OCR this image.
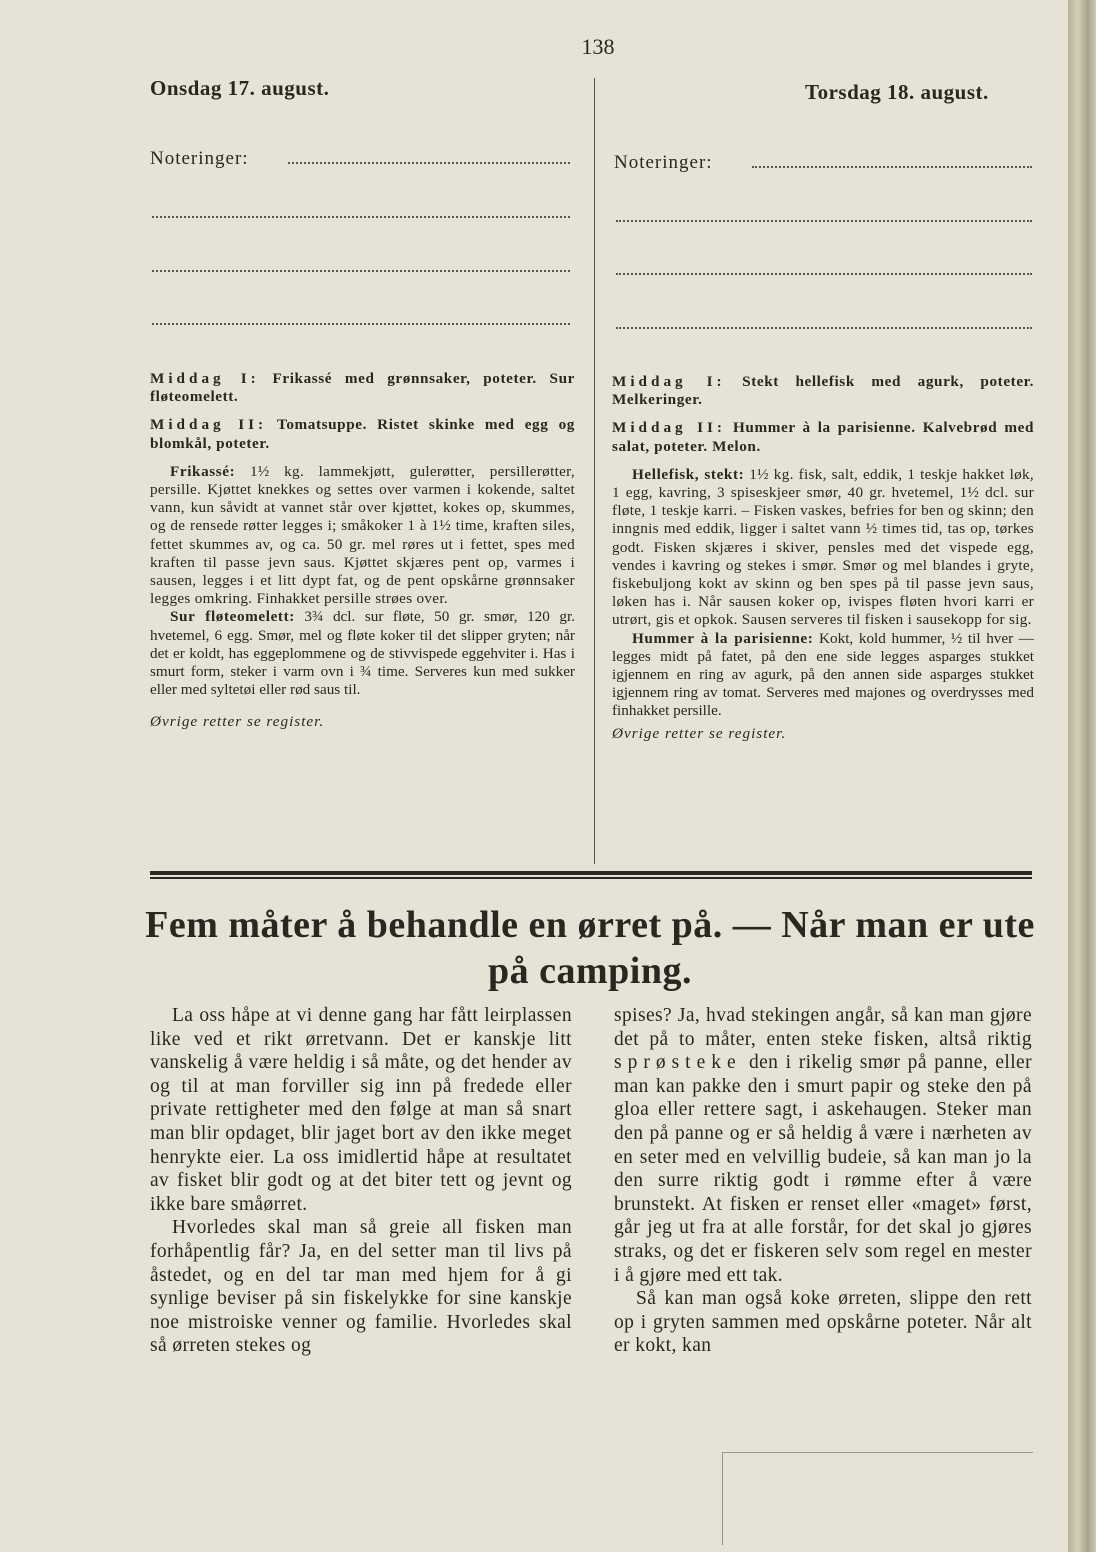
138
Onsdag 17. august.	Torsdag 18. august.
Noteringer:	Noteringer:

Middag I: Frikassé med grønnsaker, poteter. Sur fløteomelett.

Middag II: Tomatsuppe. Ristet skinke med egg og blomkål, poteter.

Frikassé: 1½ kg. lammekjøtt, gulerøtter, persillerøtter, persille. Kjøttet knekkes og settes over varmen i kokende, saltet vann, kun såvidt at vannet står over kjøttet, kokes op, skummes, og de rensede røtter legges i; småkoker 1 à 1½ time, kraften siles, fettet skummes av, og ca. 50 gr. mel røres ut i fettet, spes med kraften til passe jevn saus. Kjøttet skjæres pent op, varmes i sausen, legges i et litt dypt fat, og de pent opskårne grønnsaker legges omkring. Finhakket persille strøes over.

Sur fløteomelett: 3¾ dcl. sur fløte, 50 gr. smør, 120 gr. hvetemel, 6 egg. Smør, mel og fløte koker til det slipper gryten; når det er koldt, has eggeplommene og de stivvispede eggehviter i. Has i smurt form, steker i varm ovn i ¾ time. Serveres kun med sukker eller med syltetøi eller rød saus til.

Øvrige retter se register.

Middag I: Stekt hellefisk med agurk, poteter. Melkeringer.

Middag II: Hummer à la parisienne. Kalvebrød med salat, poteter. Melon.

Hellefisk, stekt: 1½ kg. fisk, salt, eddik, 1 teskje hakket løk, 1 egg, kavring, 3 spiseskjeer smør, 40 gr. hvetemel, 1½ dcl. sur fløte, 1 teskje karri. – Fisken vaskes, befries for ben og skinn; den inngnis med eddik, ligger i saltet vann ½ times tid, tas op, tørkes godt. Fisken skjæres i skiver, pensles med det vispede egg, vendes i kavring og stekes i smør. Smør og mel blandes i gryte, fiskebuljong kokt av skinn og ben spes på til passe jevn saus, løken has i. Når sausen koker op, ivispes fløten hvori karri er utrørt, gis et opkok. Sausen serveres til fisken i sausekopp for sig.

Hummer à la parisienne: Kokt, kold hummer, ½ til hver — legges midt på fatet, på den ene side legges asparges stukket igjennem en ring av agurk, på den annen side asparges stukket igjennem ring av tomat. Serveres med majones og overdrysses med finhakket persille.

Øvrige retter se register.

Fem måter å behandle en ørret på. — Når man er ute på camping.

La oss håpe at vi denne gang har fått leirplassen like ved et rikt ørretvann. Det er kanskje litt vanskelig å være heldig i så måte, og det hender av og til at man forviller sig inn på fredede eller private rettigheter med den følge at man så snart man blir opdaget, blir jaget bort av den ikke meget henrykte eier. La oss imidlertid håpe at resultatet av fisket blir godt og at det biter tett og jevnt og ikke bare småørret.

Hvorledes skal man så greie all fisken man forhåpentlig får? Ja, en del setter man til livs på åstedet, og en del tar man med hjem for å gi synlige beviser på sin fiskelykke for sine kanskje noe mistroiske venner og familie. Hvorledes skal så ørreten stekes og

spises? Ja, hvad stekingen angår, så kan man gjøre det på to måter, enten steke fisken, altså riktig sprøsteke den i rikelig smør på panne, eller man kan pakke den i smurt papir og steke den på gloa eller rettere sagt, i askehaugen. Steker man den på panne og er så heldig å være i nærheten av en seter med en velvillig budeie, så kan man jo la den surre riktig godt i rømme efter å være brunstekt. At fisken er renset eller «maget» først, går jeg ut fra at alle forstår, for det skal jo gjøres straks, og det er fiskeren selv som regel en mester i å gjøre med ett tak.

Så kan man også koke ørreten, slippe den rett op i gryten sammen med opskårne poteter. Når alt er kokt, kan
